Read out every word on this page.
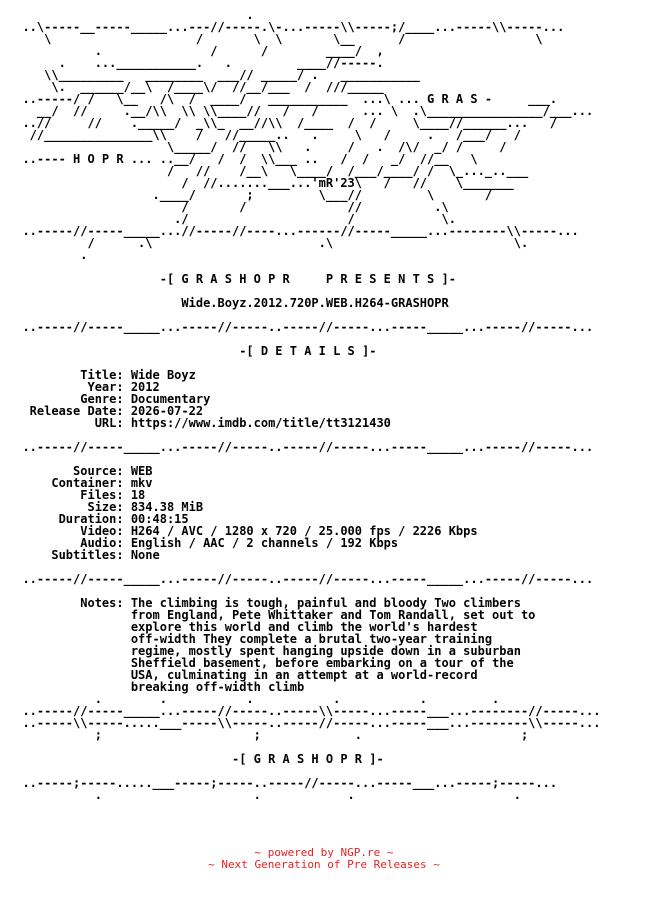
.
..\-----__-----_____...---//-----.\-...-----\\-----;/____...-----\\-----...
\                    /       \  \       \__      /                  \
.               /      /        ____/  ,
.    ...___________.   .         ____//-----.
\\_________   ________  ___// _____/ .   ___________
\.  ______/__\  /____\/  //__/___  /  ///_____
..-----/ /   \__   /\  /  ____/   ___________  ...\ ... G R A S -     ___.
__/  //     .__/\\  \\ \\____//   /   /      ... \  .\________________/___...
..//     //    ._____/  _\\_  __//\\  /____  /  /     \____//______...   /
//_______________\\    /   //_____..   .     \   /     .   /___/   /
\_____/  //   \\   .     /   .  /\/  _/ /     /
..---- H O P R ... ..__/   /  /  \\___ ..   /  /   _/  //__   \
/   //    /__\   \____/  /___/____/ /  \_..._..___
/  //.......___...'mR'23\   /   //    \_______
.____/       ;         \___//         \       /
/       /              //          .\
./                      /            \.
..-----//-----_____...//-----//----...------//-----_____...--------\\-----...
/      .\                       .\                         \.
.

-[ G R A S H O P R     P R E S E N T S ]-

Wide.Boyz.2012.720P.WEB.H264-GRASHOPR

..-----//-----_____...-----//-----..-----//-----...-----_____...-----//-----...

-[ D E T A I L S ]-

Title: Wide Boyz
Year: 2012
Genre: Documentary
Release Date: 2026-07-22
URL: https://www.imdb.com/title/tt3121430

..-----//-----_____...-----//-----..-----//-----...-----_____...-----//-----...

Source: WEB
Container: mkv
Files: 18
Size: 834.38 MiB
Duration: 00:48:15
Video: H264 / AVC / 1280 x 720 / 25.000 fps / 2226 Kbps
Audio: English / AAC / 2 channels / 192 Kbps
Subtitles: None

..-----//-----_____...-----//-----..-----//-----...-----_____...-----//-----...

Notes: The climbing is tough, painful and bloody Two climbers
from England, Pete Whittaker and Tom Randall, set out to
explore this world and climb the world's hardest
off-width They complete a brutal two-year training
regime, mostly spent hanging upside down in a suburban
Sheffield basement, before embarking on a tour of the
USA, culminating in an attempt at a world-record
breaking off-width climb
.        .           .           .           .         .
..-----//-----_____...-----//-----..-----\\-----...-----___...--------//-----...
..-----\\-----.....___-----\\-----..-----//-----...-----___...--------\\-----...
;                     ;             .                      ;

-[ G R A S H O P R ]-

..-----;-----.....___-----;-----..-----//-----...-----___...-----;-----...
.                     .            .                      .
~ powered by NGP.re ~
~ Next Generation of Pre Releases ~
